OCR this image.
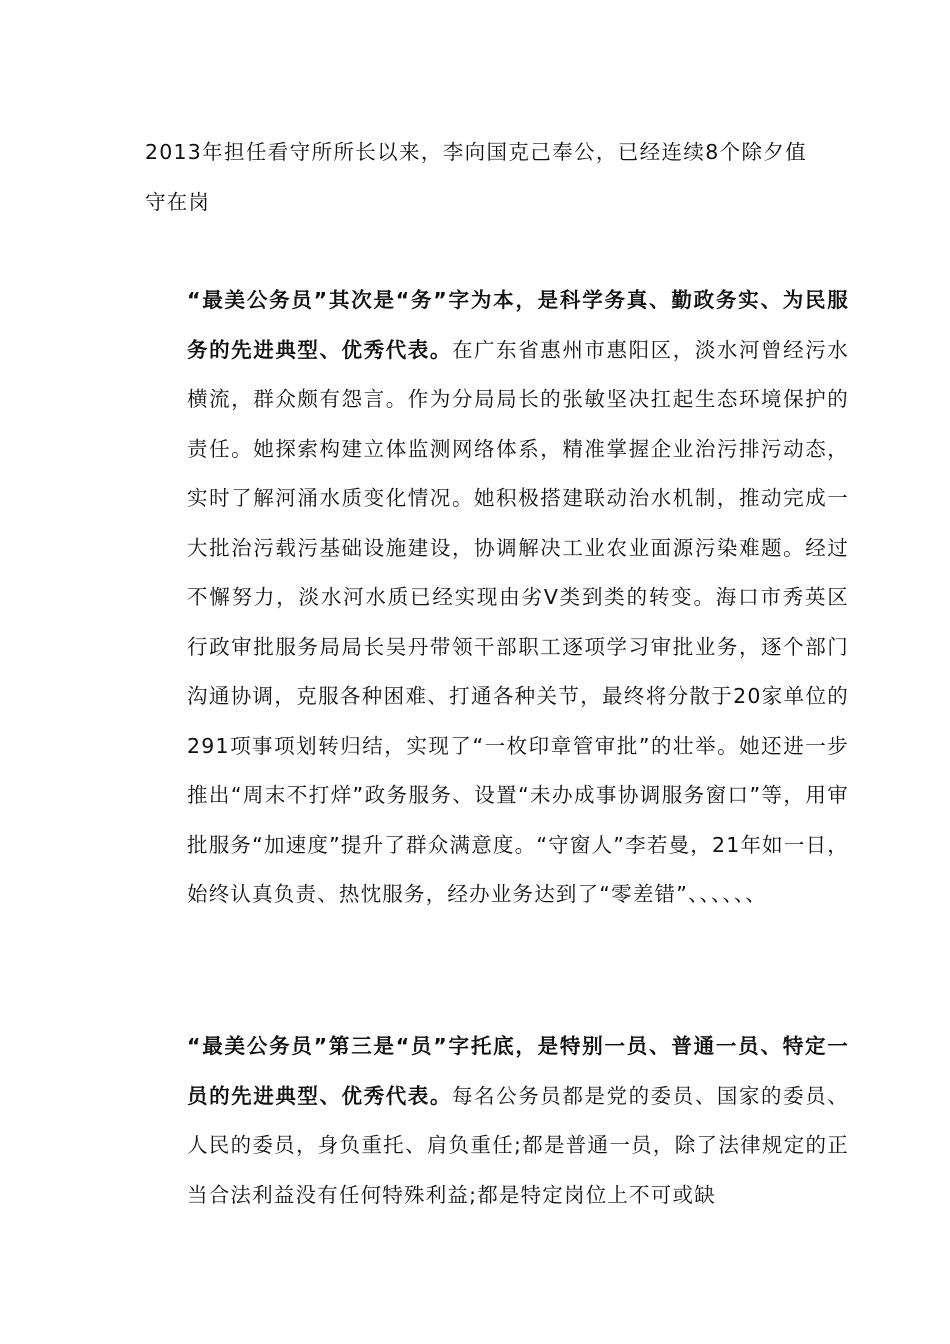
2013年担任看守所所长以来，李向国克己奉公，已经连续8个除夕值守在岗

“最美公务员”其次是“务”字为本，是科学务真、勤政务实、为民服务的先进典型、优秀代表。在广东省惠州市惠阳区，淡水河曾经污水横流，群众颇有怨言。作为分局局长的张敏坚决扛起生态环境保护的责任。她探索构建立体监测网络体系，精准掌握企业治污排污动态，实时了解河涌水质变化情况。她积极搭建联动治水机制，推动完成一大批治污载污基础设施建设，协调解决工业农业面源污染难题。经过不懈努力，淡水河水质已经实现由劣V类到类的转变。海口市秀英区行政审批服务局局长吴丹带领干部职工逐项学习审批业务，逐个部门沟通协调，克服各种困难、打通各种关节，最终将分散于20家单位的291项事项划转归结，实现了“一枚印章管审批”的壮举。她还进一步推出“周末不打烊”政务服务、设置“未办成事协调服务窗口”等，用审批服务“加速度”提升了群众满意度。“守窗人”李若曼，21年如一日，始终认真负责、热忱服务，经办业务达到了“零差错”、、、、、、

“最美公务员”第三是“员”字托底，是特别一员、普通一员、特定一员的先进典型、优秀代表。每名公务员都是党的委员、国家的委员、人民的委员，身负重托、肩负重任;都是普通一员，除了法律规定的正当合法利益没有任何特殊利益;都是特定岗位上不可或缺
